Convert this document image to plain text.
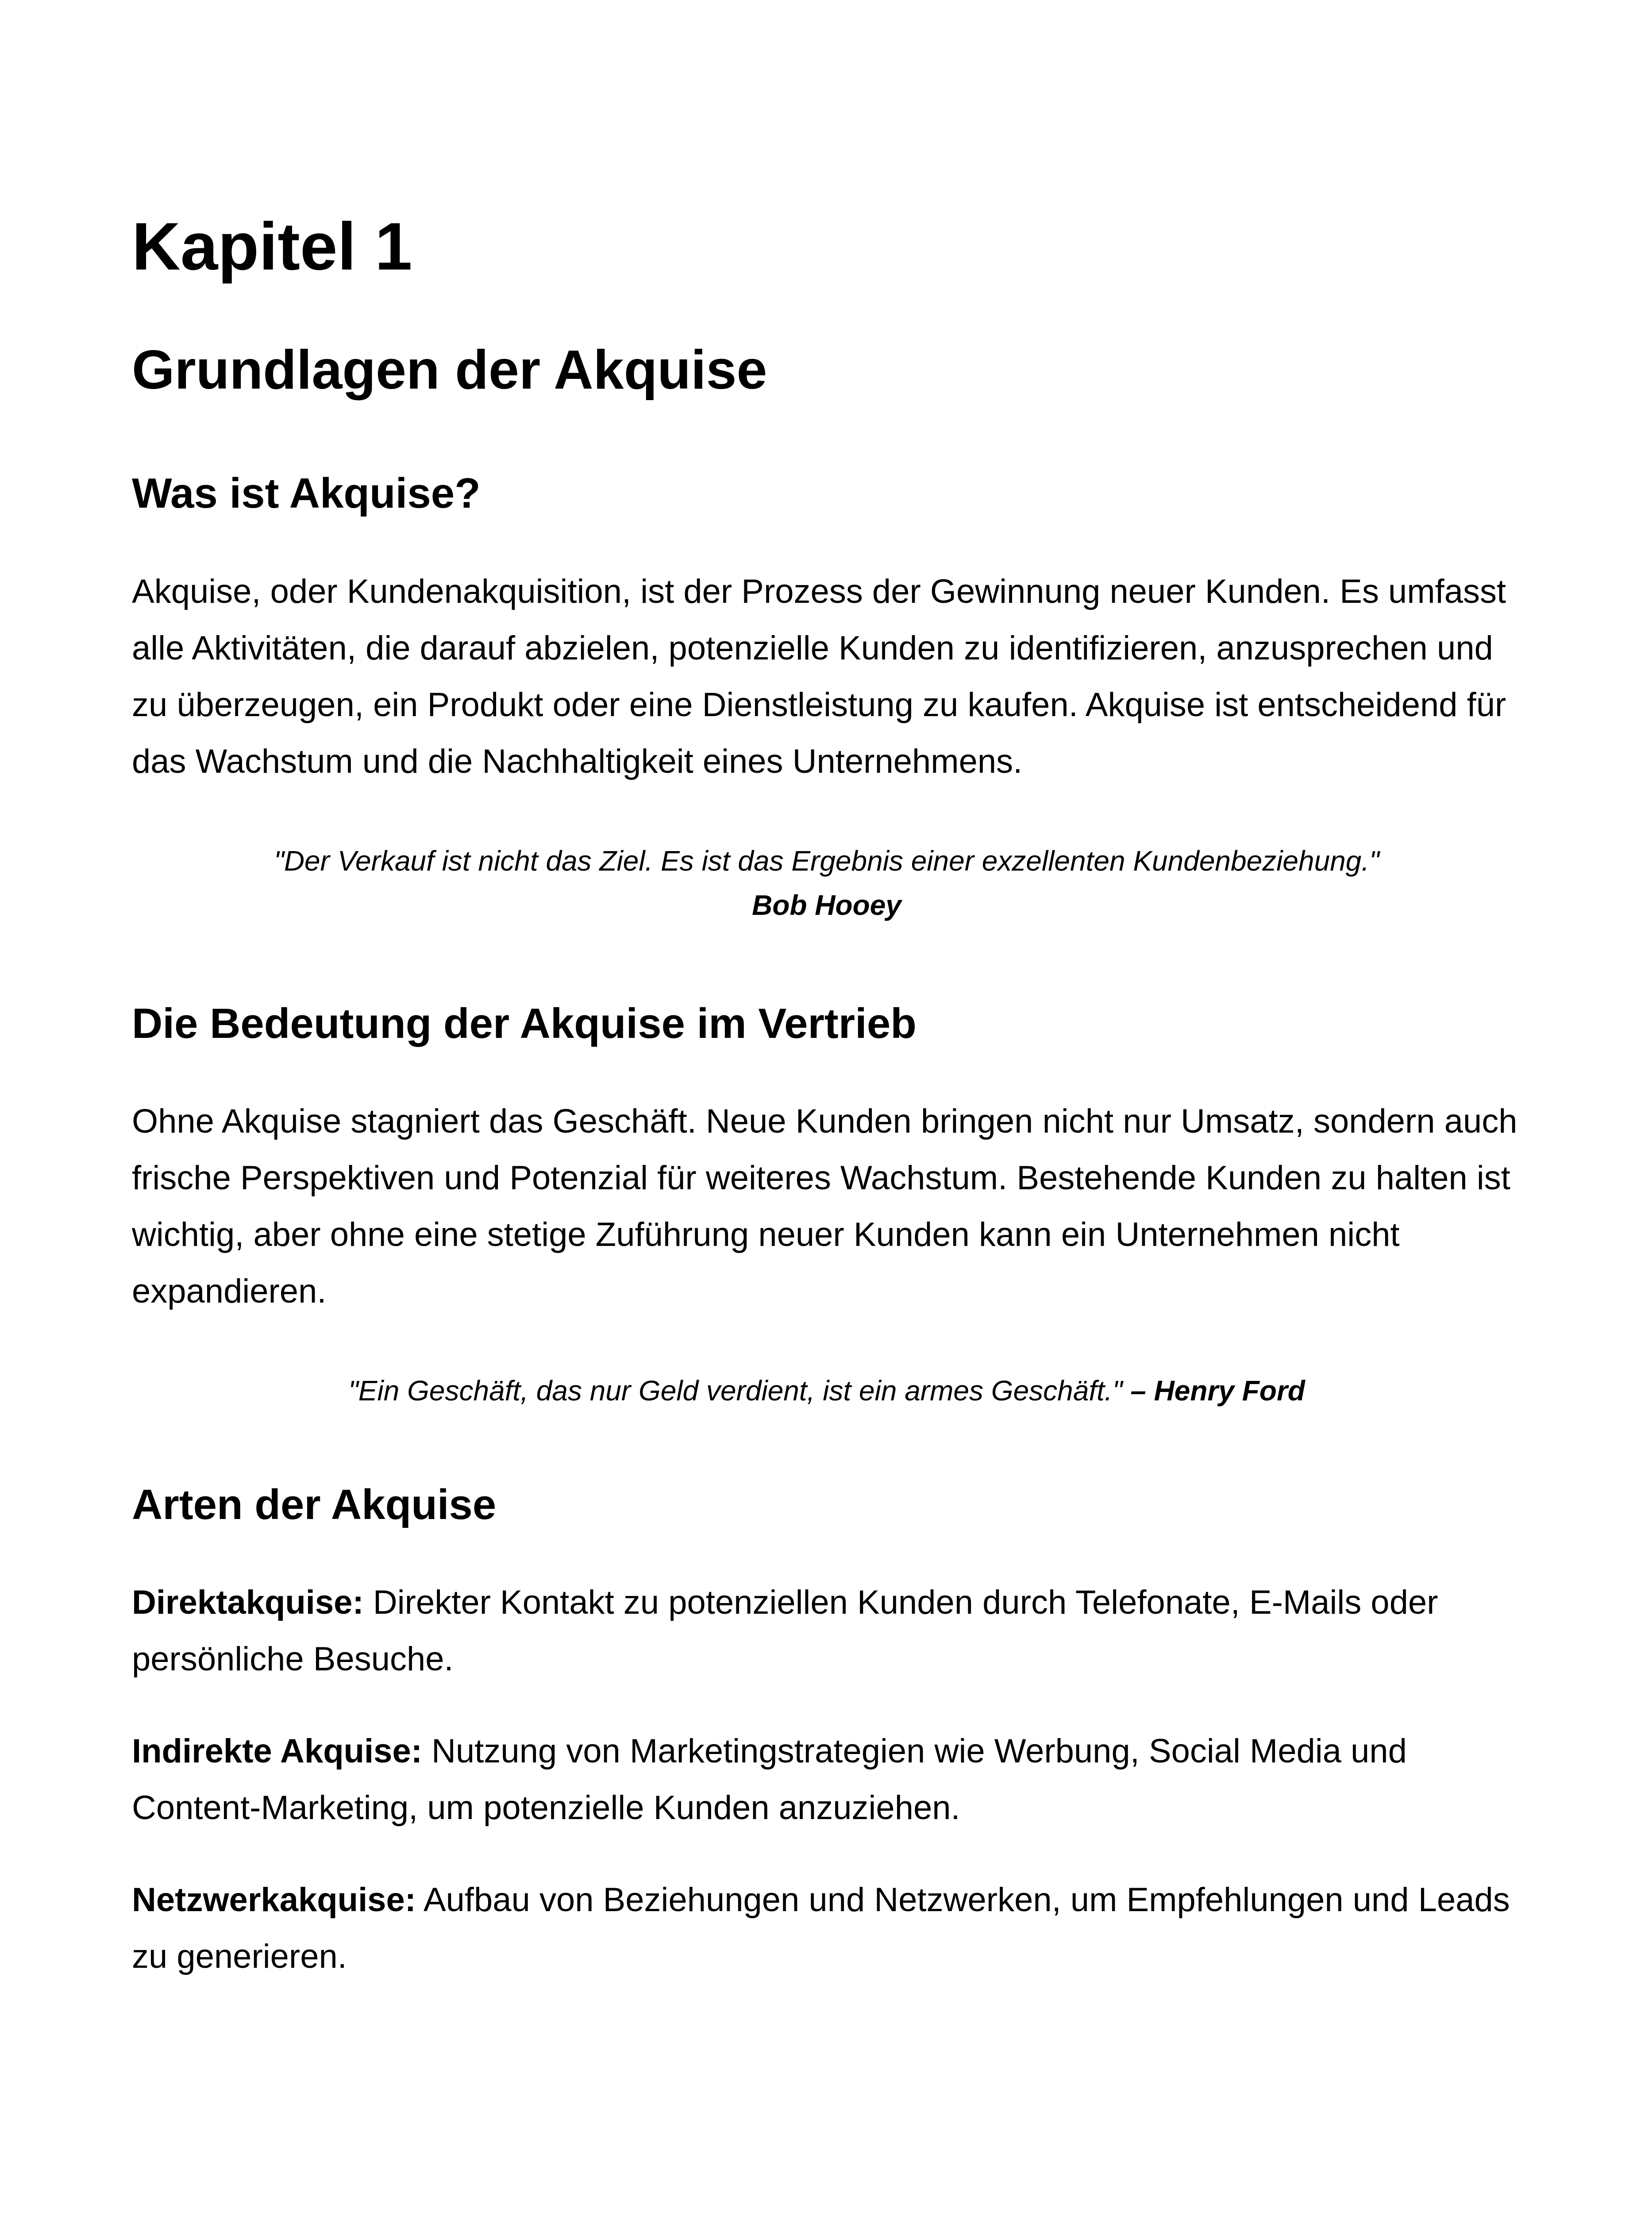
Kapitel 1
Grundlagen der Akquise
Was ist Akquise?

Akquise, oder Kundenakquisition, ist der Prozess der Gewinnung neuer Kunden. Es umfasst alle Aktivitäten, die darauf abzielen, potenzielle Kunden zu identifizieren, anzusprechen und zu überzeugen, ein Produkt oder eine Dienstleistung zu kaufen. Akquise ist entscheidend für das Wachstum und die Nachhaltigkeit eines Unternehmens.

"Der Verkauf ist nicht das Ziel. Es ist das Ergebnis einer exzellenten Kundenbeziehung."
Bob Hooey
Die Bedeutung der Akquise im Vertrieb

Ohne Akquise stagniert das Geschäft. Neue Kunden bringen nicht nur Umsatz, sondern auch frische Perspektiven und Potenzial für weiteres Wachstum. Bestehende Kunden zu halten ist wichtig, aber ohne eine stetige Zuführung neuer Kunden kann ein Unternehmen nicht expandieren.

"Ein Geschäft, das nur Geld verdient, ist ein armes Geschäft." – Henry Ford
Arten der Akquise

Direktakquise: Direkter Kontakt zu potenziellen Kunden durch Telefonate, E-Mails oder persönliche Besuche.

Indirekte Akquise: Nutzung von Marketingstrategien wie Werbung, Social Media und Content-Marketing, um potenzielle Kunden anzuziehen.

Netzwerkakquise: Aufbau von Beziehungen und Netzwerken, um Empfehlungen und Leads zu generieren.
